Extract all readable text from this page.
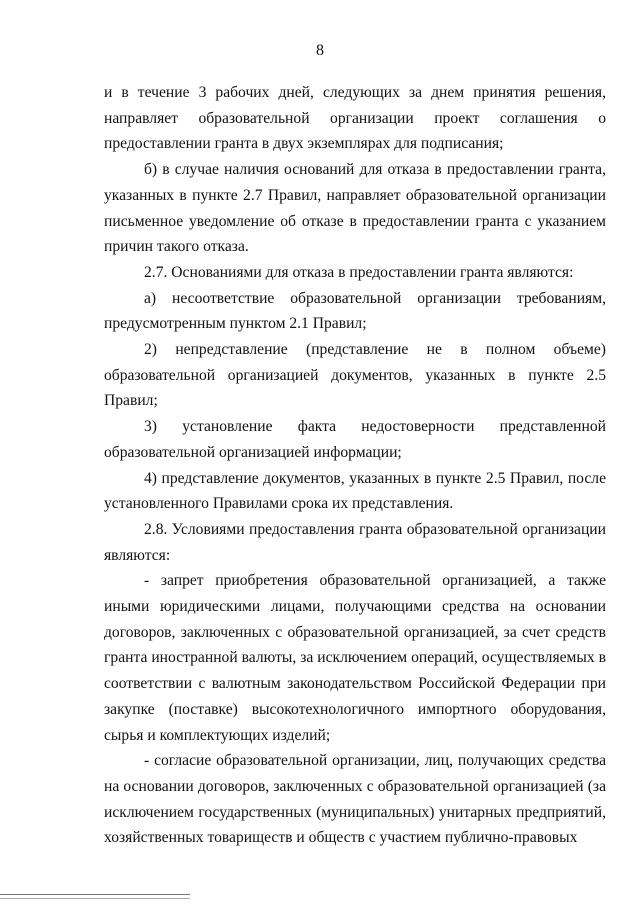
8

и в течение 3 рабочих дней, следующих за днем принятия решения, направляет образовательной организации проект соглашения о предоставлении гранта в двух экземплярах для подписания;

б) в случае наличия оснований для отказа в предоставлении гранта, указанных в пункте 2.7 Правил, направляет образовательной организации письменное уведомление об отказе в предоставлении гранта с указанием причин такого отказа.

2.7. Основаниями для отказа в предоставлении гранта являются:

а) несоответствие образовательной организации требованиям, предусмотренным пунктом 2.1 Правил;

2) непредставление (представление не в полном объеме) образовательной организацией документов, указанных в пункте 2.5 Правил;

3) установление факта недостоверности представленной образовательной организацией информации;

4) представление документов, указанных в пункте 2.5 Правил, после установленного Правилами срока их представления.

2.8. Условиями предоставления гранта образовательной организации являются:

- запрет приобретения образовательной организацией, а также иными юридическими лицами, получающими средства на основании договоров, заключенных с образовательной организацией, за счет средств гранта иностранной валюты, за исключением операций, осуществляемых в соответствии с валютным законодательством Российской Федерации при закупке (поставке) высокотехнологичного импортного оборудования, сырья и комплектующих изделий;

- согласие образовательной организации, лиц, получающих средства на основании договоров, заключенных с образовательной организацией (за исключением государственных (муниципальных) унитарных предприятий, хозяйственных товариществ и обществ с участием публично-правовых
